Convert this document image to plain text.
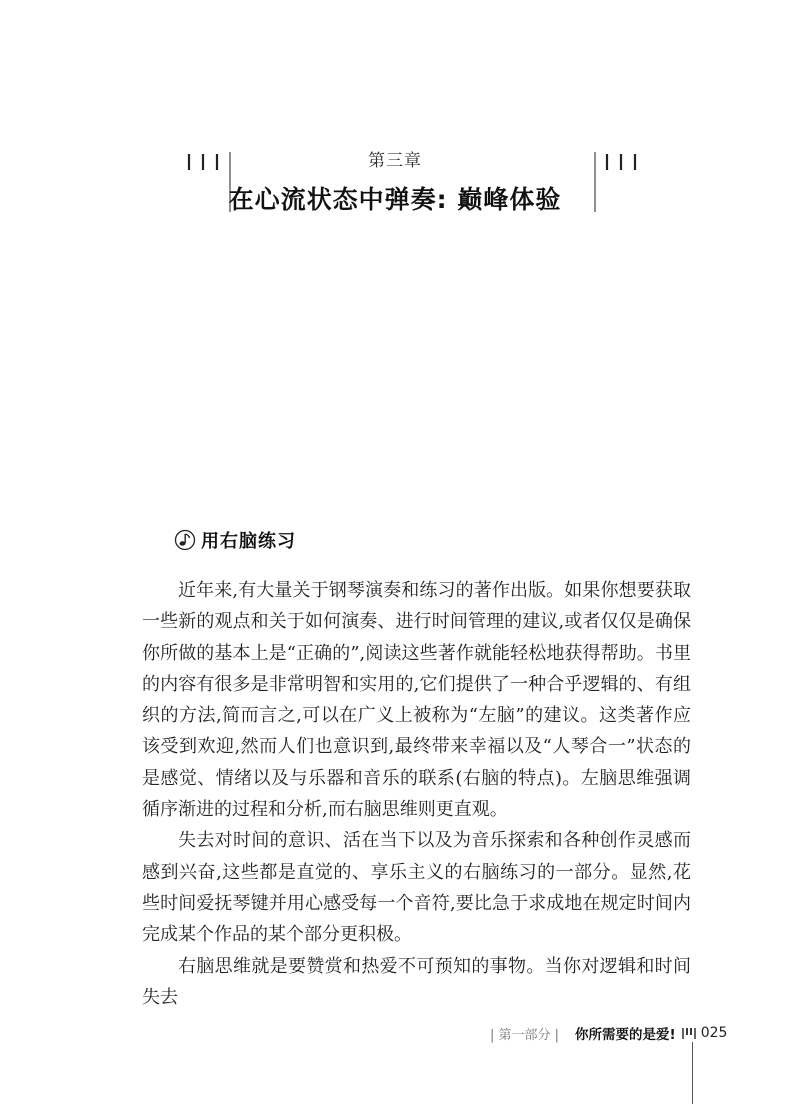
第三章
在心流状态中弹奏: 巅峰体验
用右脑练习

近年来,有大量关于钢琴演奏和练习的著作出版。如果你想要获取一些新的观点和关于如何演奏、进行时间管理的建议,或者仅仅是确保你所做的基本上是“正确的”,阅读这些著作就能轻松地获得帮助。书里的内容有很多是非常明智和实用的,它们提供了一种合乎逻辑的、有组织的方法,简而言之,可以在广义上被称为“左脑”的建议。这类著作应该受到欢迎,然而人们也意识到,最终带来幸福以及“人琴合一”状态的是感觉、情绪以及与乐器和音乐的联系(右脑的特点)。左脑思维强调循序渐进的过程和分析,而右脑思维则更直观。

失去对时间的意识、活在当下以及为音乐探索和各种创作灵感而感到兴奋,这些都是直觉的、享乐主义的右脑练习的一部分。显然,花些时间爱抚琴键并用心感受每一个音符,要比急于求成地在规定时间内完成某个作品的某个部分更积极。

右脑思维就是要赞赏和热爱不可预知的事物。当你对逻辑和时间失去

| 第一部分 | 你所需要的是爱! 025
